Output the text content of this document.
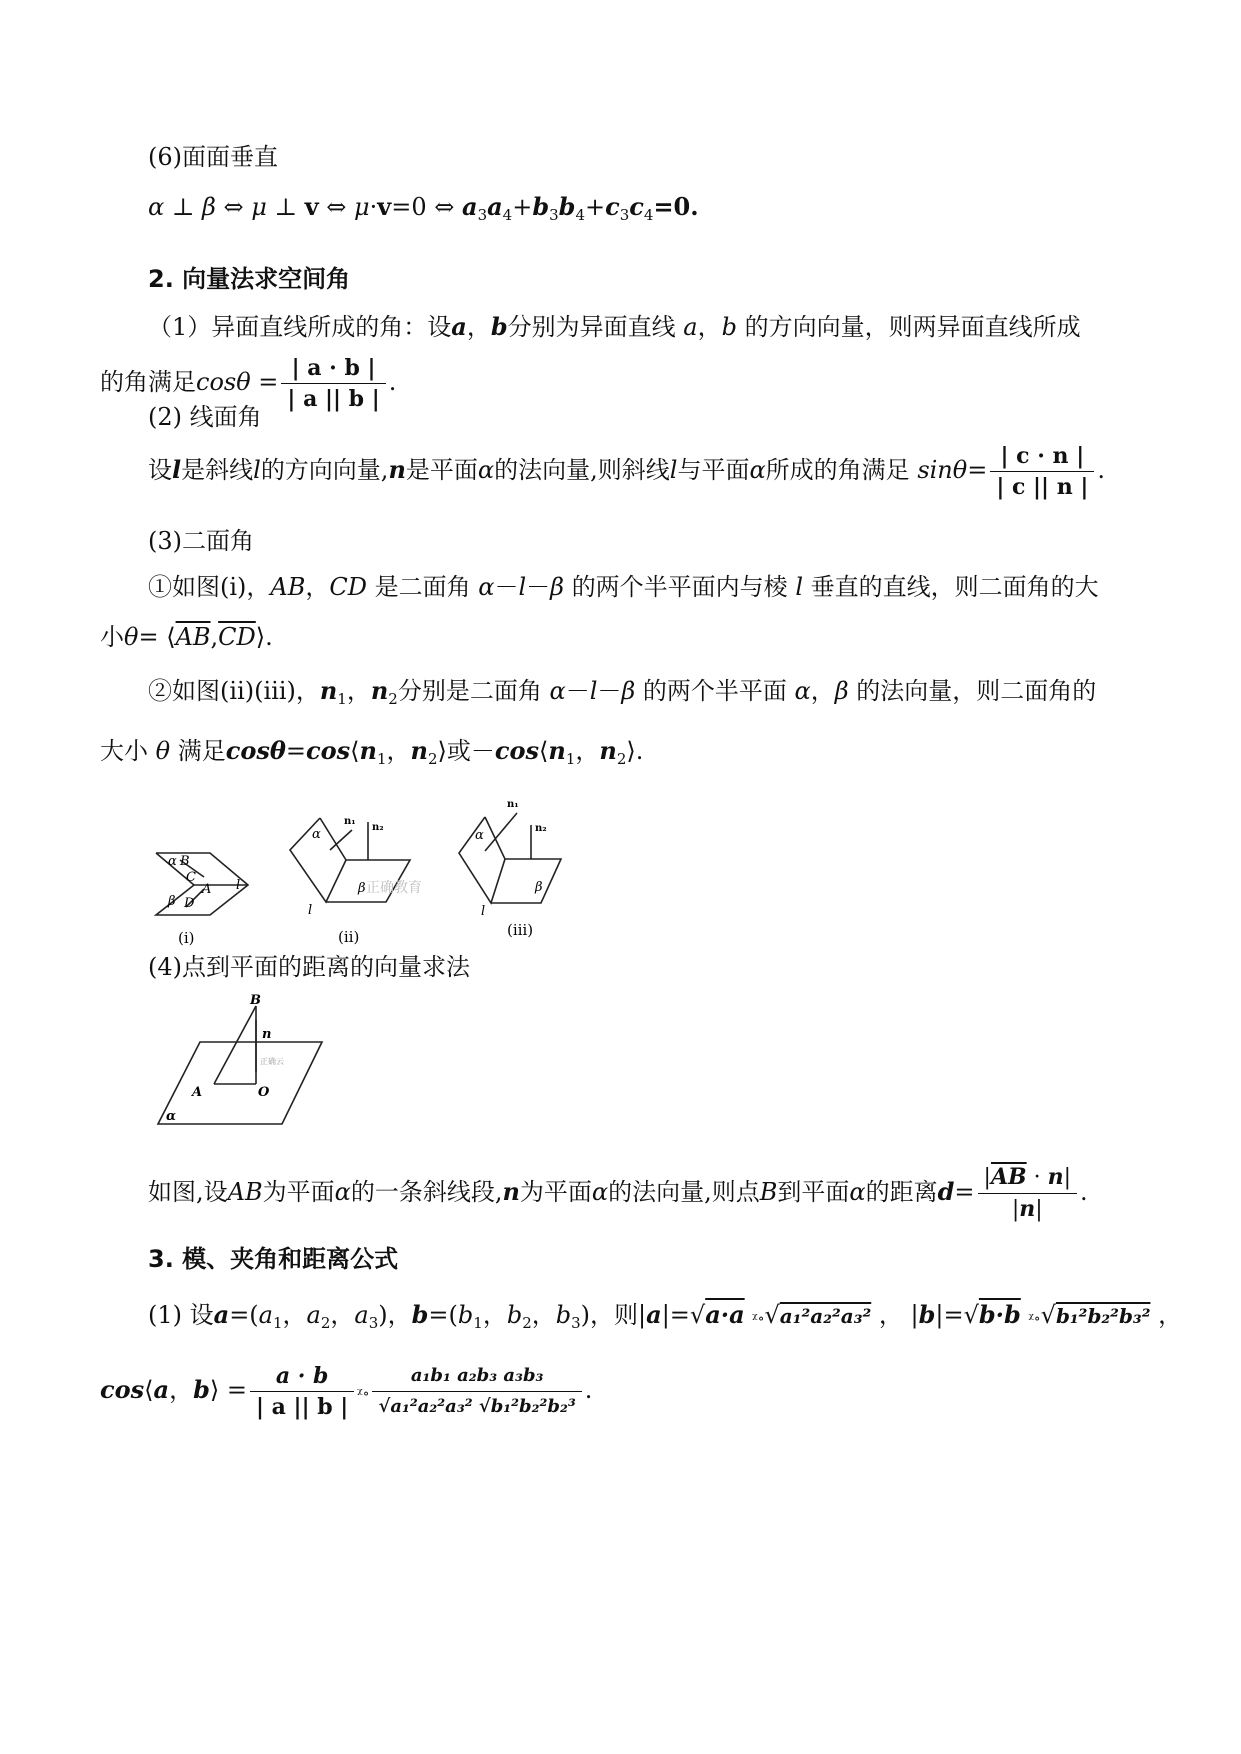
(6)面面垂直
α ⊥ β ⇔ μ ⊥ v ⇔ μ·v=0 ⇔ $a_3a_4+b_3b_4+c_3c_4=0$.
2. 向量法求空间角
（1）异面直线所成的角：设a，b分别为异面直线 a，b 的方向向量，则两异面直线所成
的角满足$\cos\theta = \frac{| a \cdot b |}{| a || b |}$ .
(2) 线面角
设l是斜线l的方向向量,n是平面α的法向量,则斜线l与平面α所成的角满足 $\sin\theta= \frac{| c \cdot n |}{| c || n |}$ .
(3)二面角
①如图(ⅰ)，AB，CD 是二面角 α－l－β 的两个半平面内与棱 l 垂直的直线，则二面角的大
小$\theta= ⟨\overline{AB},\overline{CD}⟩$.
②如图(ⅱ)(ⅲ)，$n_1$，$n_2$分别是二面角 α－l－β 的两个半平面 α，β 的法向量，则二面角的
大小 θ 满足$\cos\theta=\cos⟨n_1$，$n_2⟩$或$-\cos⟨n_1$，$n_2⟩$.
α B
C
A
β D
l
(ⅰ)
α
n₁
n₂
β
l
正确教育
(ⅱ)
α
n₁
n₂
β
l
(ⅲ)
(4)点到平面的距离的向量求法
B
n
A	O
α
正确云
如图,设AB为平面α的一条斜线段,n为平面α的法向量,则点B到平面α的距离$d= \frac{|\overline{AB} \cdot n|}{|n|}$ .
3. 模、夹角和距离公式
(1) 设$a=(a_1$，$a_2$，$a_3$)，$b=(b_1$，$b_2$，$b_3$)，则|a|=√a·a ᵡ∘√a₁²a₂²a₃² ， |b|=√b·b ᵡ∘√b₁²b₂²b₃² ，
cos⟨a，b⟩ = $\frac{a \cdot b}{| a || b |}$ ᵡ∘ $\frac{\text{a₁b₁ a₂b₃ a₃b₃}}{\text{√a₁²a₂²a₃² √b₁²b₂²b₂³}}$ .
